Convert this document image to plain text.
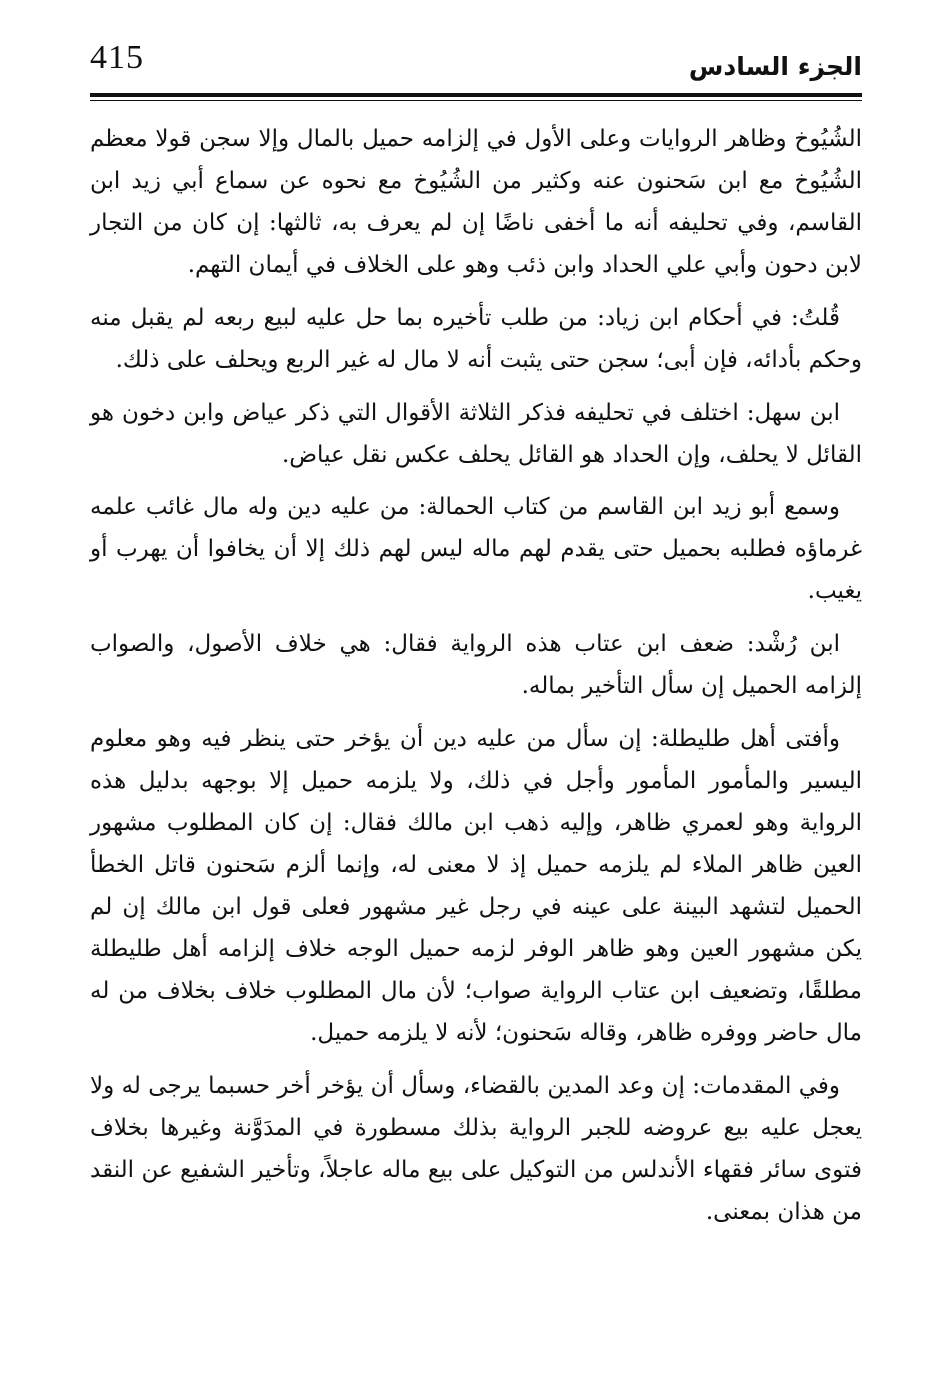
415	الجزء السادس

الشُيُوخ وظاهر الروايات وعلى الأول في إلزامه حميل بالمال وإلا سجن قولا معظم الشُيُوخ مع ابن سَحنون عنه وكثير من الشُيُوخ مع نحوه عن سماع أبي زيد ابن القاسم، وفي تحليفه أنه ما أخفى ناضًا إن لم يعرف به، ثالثها: إن كان من التجار لابن دحون وأبي علي الحداد وابن ذئب وهو على الخلاف في أيمان التهم.

قُلتُ: في أحكام ابن زياد: من طلب تأخيره بما حل عليه لبيع ربعه لم يقبل منه وحكم بأدائه، فإن أبى؛ سجن حتى يثبت أنه لا مال له غير الربع ويحلف على ذلك.

ابن سهل: اختلف في تحليفه فذكر الثلاثة الأقوال التي ذكر عياض وابن دخون هو القائل لا يحلف، وإن الحداد هو القائل يحلف عكس نقل عياض.

وسمع أبو زيد ابن القاسم من كتاب الحمالة: من عليه دين وله مال غائب علمه غرماؤه فطلبه بحميل حتى يقدم لهم ماله ليس لهم ذلك إلا أن يخافوا أن يهرب أو يغيب.

ابن رُشْد: ضعف ابن عتاب هذه الرواية فقال: هي خلاف الأصول، والصواب إلزامه الحميل إن سأل التأخير بماله.

وأفتى أهل طليطلة: إن سأل من عليه دين أن يؤخر حتى ينظر فيه وهو معلوم اليسير والمأمور المأمور وأجل في ذلك، ولا يلزمه حميل إلا بوجهه بدليل هذه الرواية وهو لعمري ظاهر، وإليه ذهب ابن مالك فقال: إن كان المطلوب مشهور العين ظاهر الملاء لم يلزمه حميل إذ لا معنى له، وإنما ألزم سَحنون قاتل الخطأ الحميل لتشهد البينة على عينه في رجل غير مشهور فعلى قول ابن مالك إن لم يكن مشهور العين وهو ظاهر الوفر لزمه حميل الوجه خلاف إلزامه أهل طليطلة مطلقًا، وتضعيف ابن عتاب الرواية صواب؛ لأن مال المطلوب خلاف بخلاف من له مال حاضر ووفره ظاهر، وقاله سَحنون؛ لأنه لا يلزمه حميل.

وفي المقدمات: إن وعد المدين بالقضاء، وسأل أن يؤخر أخر حسبما يرجى له ولا يعجل عليه بيع عروضه للجبر الرواية بذلك مسطورة في المدَوَّنة وغيرها بخلاف فتوى سائر فقهاء الأندلس من التوكيل على بيع ماله عاجلاً، وتأخير الشفيع عن النقد من هذان بمعنى.
